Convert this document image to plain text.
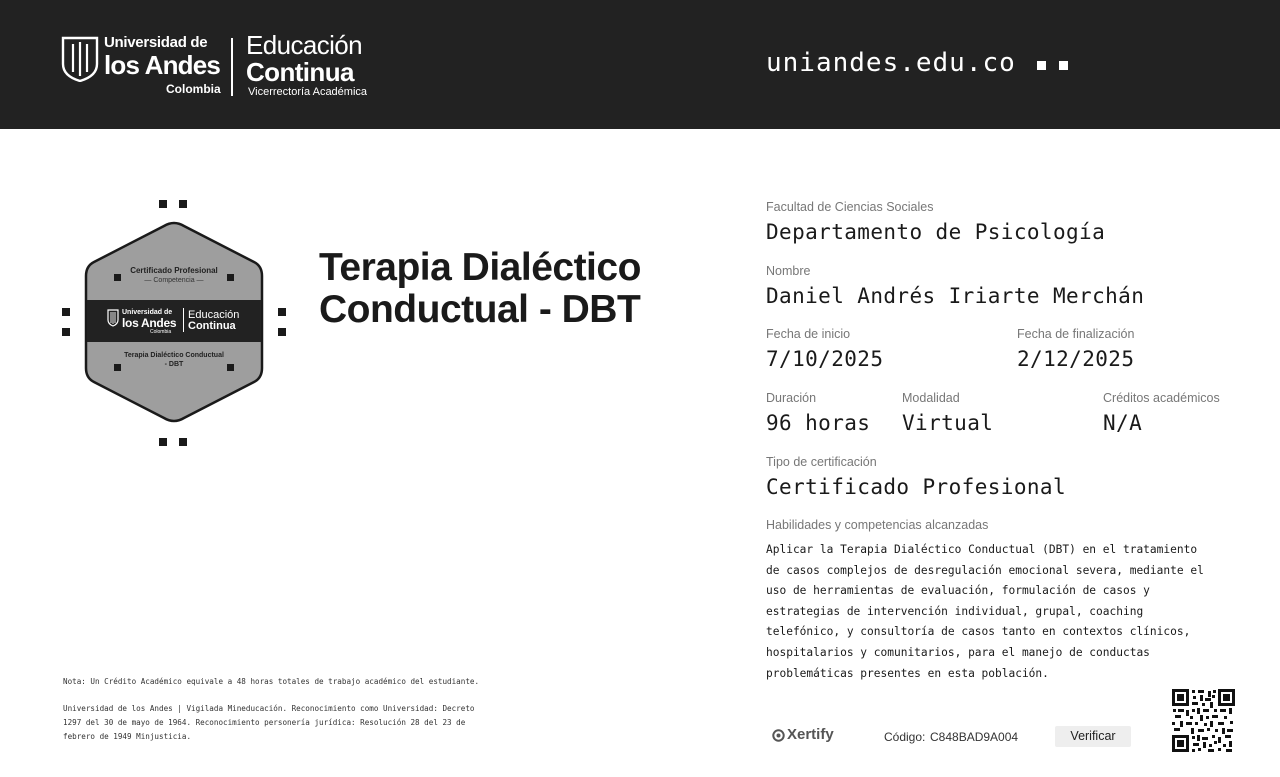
Universidad de
los Andes
Colombia
Educación
Continua
Vicerrectoría Académica
uniandes.edu.co
Certificado Profesional
— Competencia —
Universidad de
los Andes
Colombia
Educación
Continua
Terapia Dialéctico Conductual
- DBT
Terapia Dialéctico
Conductual - DBT
Facultad de Ciencias Sociales
Departamento de Psicología
Nombre
Daniel Andrés Iriarte Merchán
Fecha de inicio
7/10/2025
Fecha de finalización
2/12/2025
Duración
96 horas
Modalidad
Virtual
Créditos académicos
N/A
Tipo de certificación
Certificado Profesional
Habilidades y competencias alcanzadas
Aplicar la Terapia Dialéctico Conductual (DBT) en el tratamiento
de casos complejos de desregulación emocional severa, mediante el
uso de herramientas de evaluación, formulación de casos y
estrategias de intervención individual, grupal, coaching
telefónico, y consultoría de casos tanto en contextos clínicos,
hospitalarios y comunitarios, para el manejo de conductas
problemáticas presentes en esta población.
Nota: Un Crédito Académico equivale a 48 horas totales de trabajo académico del estudiante.
Universidad de los Andes | Vigilada Mineducación. Reconocimiento como Universidad: Decreto
1297 del 30 de mayo de 1964. Reconocimiento personería jurídica: Resolución 28 del 23 de
febrero de 1949 Minjusticia.	Xertify	Código: C848BAD9A004	Verificar
